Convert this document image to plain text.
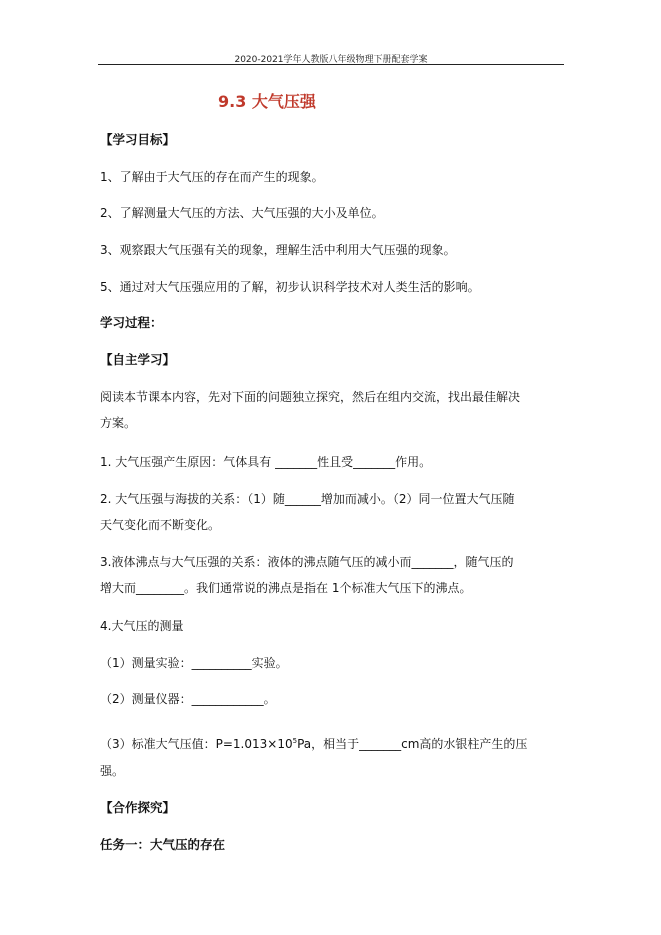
2020-2021学年人教版八年级物理下册配套学案
9.3 大气压强
【学习目标】
1、了解由于大气压的存在而产生的现象。
2、了解测量大气压的方法、大气压强的大小及单位。
3、观察跟大气压强有关的现象，理解生活中利用大气压强的现象。
5、通过对大气压强应用的了解，初步认识科学技术对人类生活的影响。
学习过程：
【自主学习】
阅读本节课本内容，先对下面的问题独立探究，然后在组内交流，找出最佳解决
方案。
1. 大气压强产生原因：气体具有 _______性且受_______作用。
2. 大气压强与海拔的关系：（1）随______增加而减小。（2）同一位置大气压随
天气变化而不断变化。
3.液体沸点与大气压强的关系：液体的沸点随气压的减小而_______，随气压的
增大而________。我们通常说的沸点是指在 1个标准大气压下的沸点。
4.大气压的测量
（1）测量实验：__________实验。
（2）测量仪器：____________。
（3）标准大气压值：$P=1.013\times 10^5Pa$，相当于_______cm高的水银柱产生的压
强。
【合作探究】
任务一：大气压的存在
